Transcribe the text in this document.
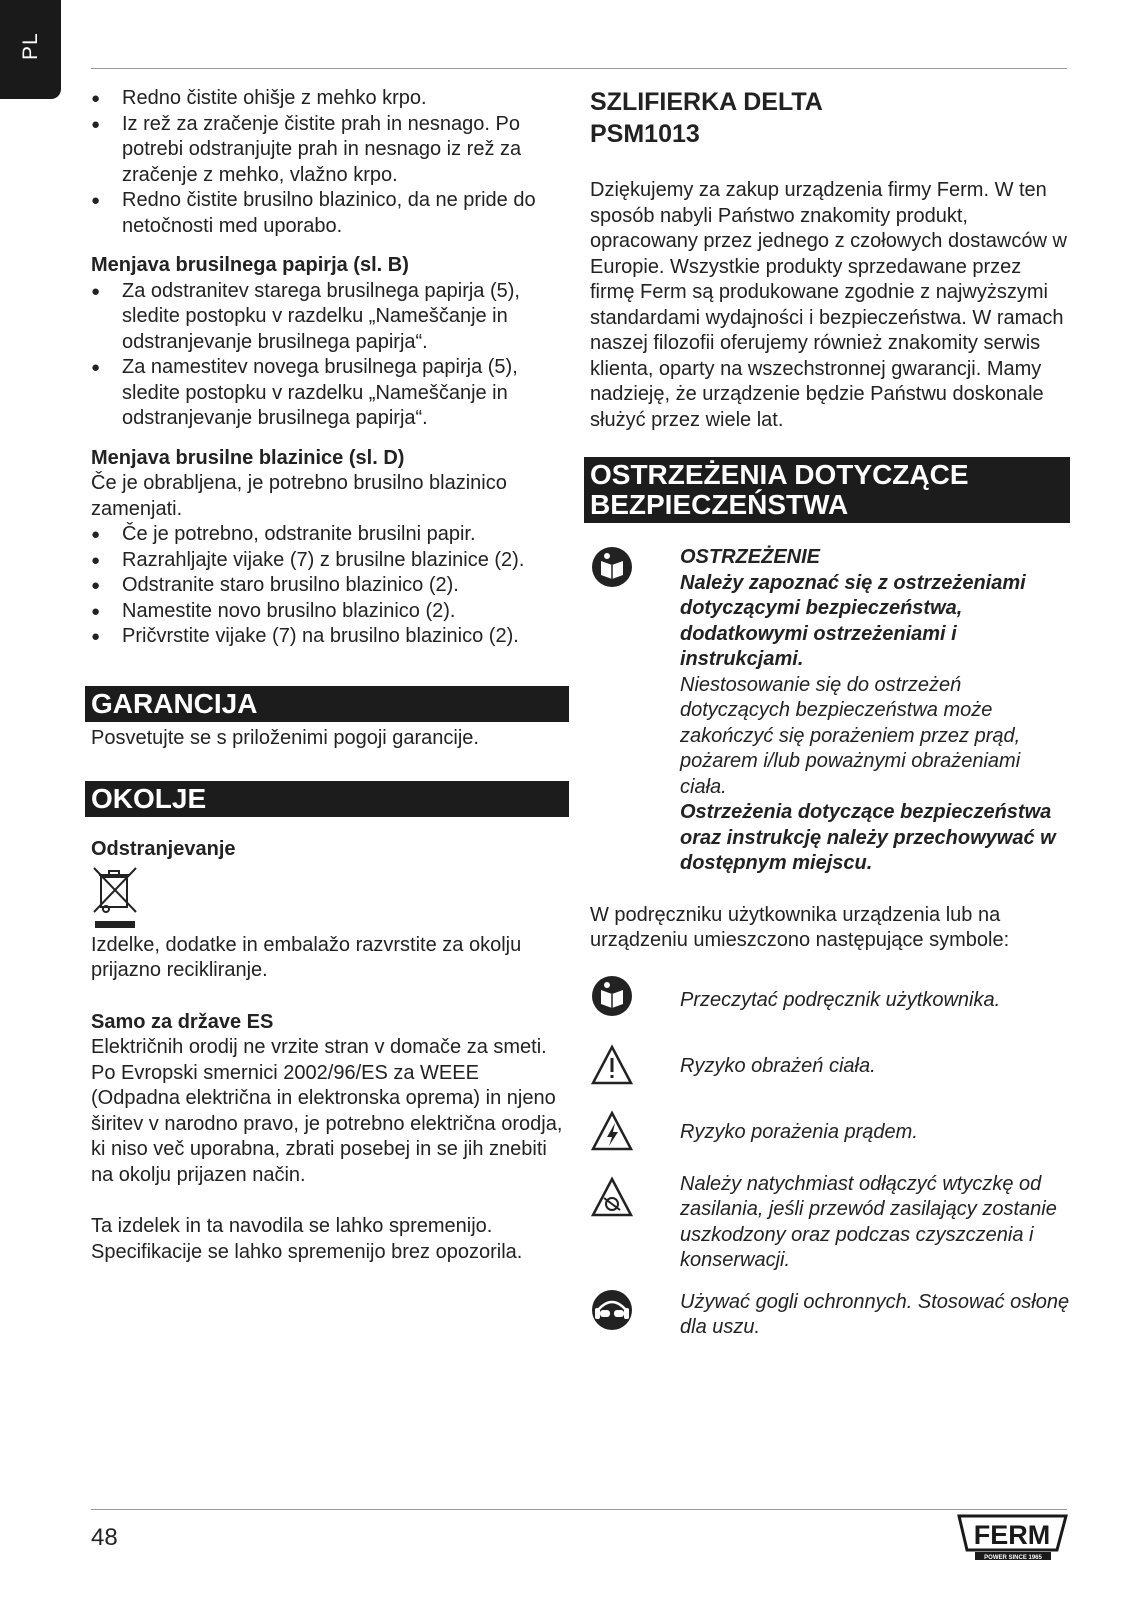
PL
● Redno čistite ohišje z mehko krpo.
● Iz rež za zračenje čistite prah in nesnago. Po potrebi odstranjujte prah in nesnago iz rež za zračenje z mehko, vlažno krpo.
● Redno čistite brusilno blazinico, da ne pride do netočnosti med uporabo.
Menjava brusilnega papirja (sl. B)
● Za odstranitev starega brusilnega papirja (5), sledite postopku v razdelku „Nameščanje in odstranjevanje brusilnega papirja“.
● Za namestitev novega brusilnega papirja (5), sledite postopku v razdelku „Nameščanje in odstranjevanje brusilnega papirja“.
Menjava brusilne blazinice (sl. D)
Če je obrabljena, je potrebno brusilno blazinico zamenjati.
● Če je potrebno, odstranite brusilni papir.
● Razrahljajte vijake (7) z brusilne blazinice (2).
● Odstranite staro brusilno blazinico (2).
● Namestite novo brusilno blazinico (2).
● Pričvrstite vijake (7) na brusilno blazinico (2).
GARANCIJA
Posvetujte se s priloženimi pogoji garancije.
OKOLJE
Odstranjevanje
Izdelke, dodatke in embalažo razvrstite za okolju prijazno recikliranje.
Samo za države ES
Električnih orodij ne vrzite stran v domače za smeti. Po Evropski smernici 2002/96/ES za WEEE (Odpadna električna in elektronska oprema) in njeno širitev v narodno pravo, je potrebno električna orodja, ki niso več uporabna, zbrati posebej in se jih znebiti na okolju prijazen način.
Ta izdelek in ta navodila se lahko spremenijo. Specifikacije se lahko spremenijo brez opozorila.
SZLIFIERKA DELTA
PSM1013
Dziękujemy za zakup urządzenia firmy Ferm. W ten sposób nabyli Państwo znakomity produkt, opracowany przez jednego z czołowych dostawców w Europie. Wszystkie produkty sprzedawane przez firmę Ferm są produkowane zgodnie z najwyższymi standardami wydajności i bezpieczeństwa. W ramach naszej filozofii oferujemy również znakomity serwis klienta, oparty na wszechstronnej gwarancji. Mamy nadzieję, że urządzenie będzie Państwu doskonale służyć przez wiele lat.
OSTRZEŻENIA DOTYCZĄCE BEZPIECZEŃSTWA
OSTRZEŻENIE
Należy zapoznać się z ostrzeżeniami dotyczącymi bezpieczeństwa, dodatkowymi ostrzeżeniami i instrukcjami.
Niestosowanie się do ostrzeżeń dotyczących bezpieczeństwa może zakończyć się porażeniem przez prąd, pożarem i/lub poważnymi obrażeniami ciała.
Ostrzeżenia dotyczące bezpieczeństwa oraz instrukcję należy przechowywać w dostępnym miejscu.
W podręczniku użytkownika urządzenia lub na urządzeniu umieszczono następujące symbole:
Przeczytać podręcznik użytkownika.
Ryzyko obrażeń ciała.
Ryzyko porażenia prądem.
Należy natychmiast odłączyć wtyczkę od zasilania, jeśli przewód zasilający zostanie uszkodzony oraz podczas czyszczenia i konserwacji.
Używać gogli ochronnych. Stosować osłonę dla uszu.
48	FERM
POWER SINCE 1965
